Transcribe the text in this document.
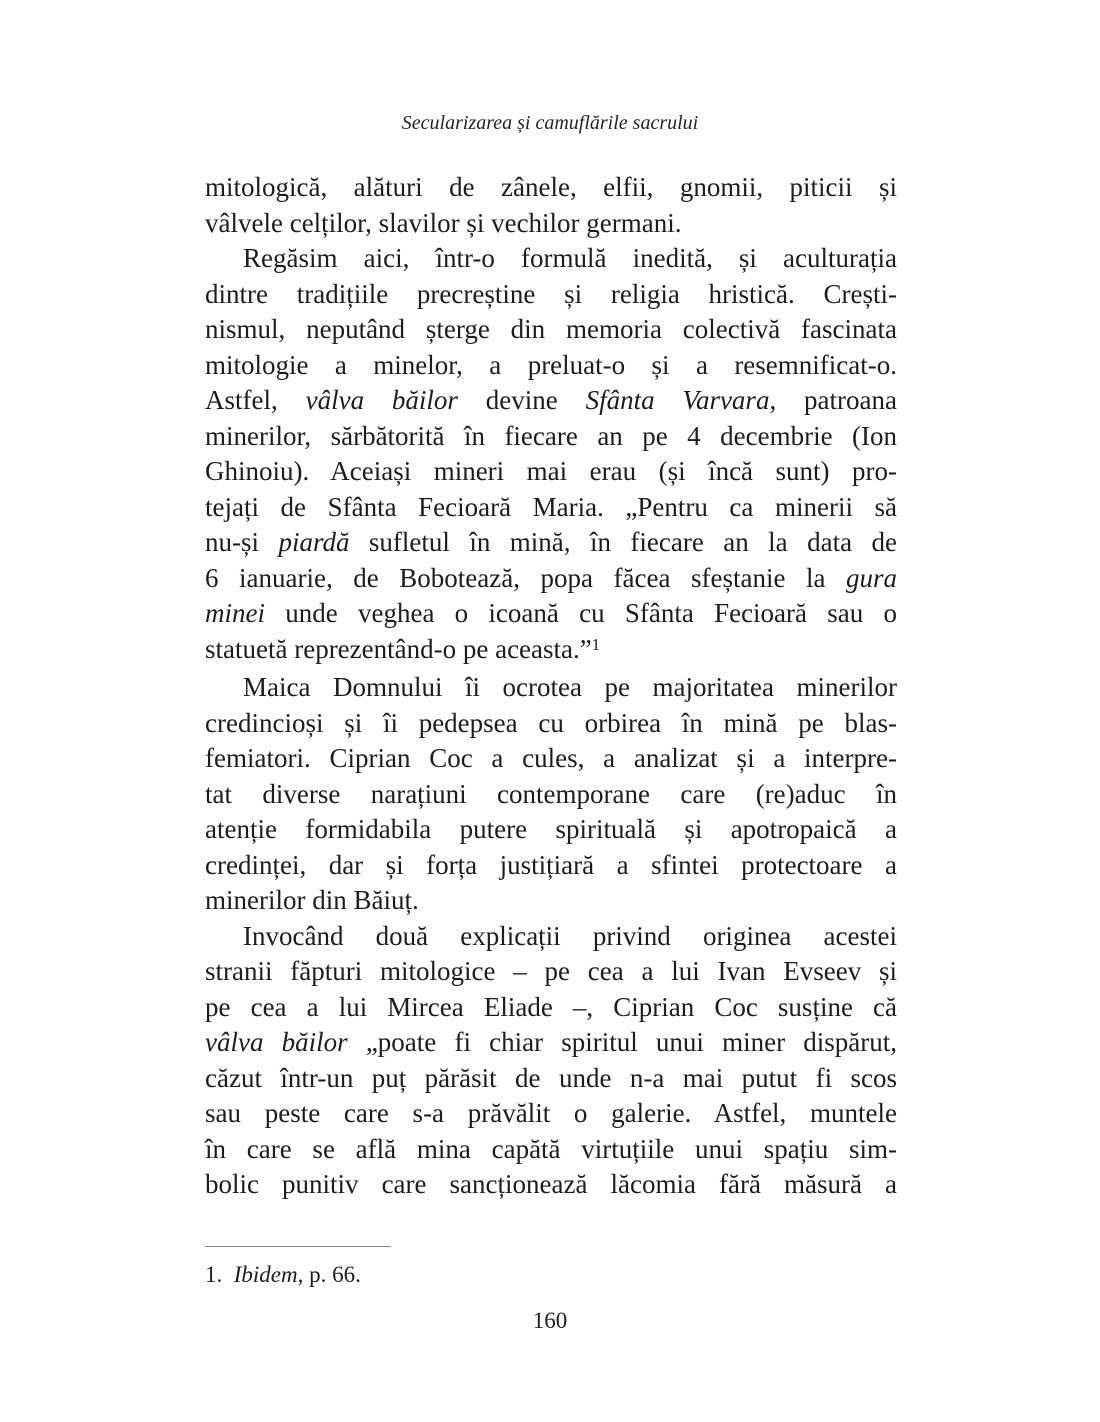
Secularizarea și camuflările sacrului
mitologică, alături de zânele, elfii, gnomii, piticii și
vâlvele celților, slavilor și vechilor germani.
Regăsim aici, într-o formulă inedită, și aculturația
dintre tradițiile precreștine și religia hristică. Crești-
nismul, neputând șterge din memoria colectivă fascinata
mitologie a minelor, a preluat-o și a resemnificat-o.
Astfel, vâlva băilor devine Sfânta Varvara, patroana
minerilor, sărbătorită în fiecare an pe 4 decembrie (Ion
Ghinoiu). Aceiași mineri mai erau (și încă sunt) pro-
tejați de Sfânta Fecioară Maria. „Pentru ca minerii să
nu-și piardă sufletul în mină, în fiecare an la data de
6 ianuarie, de Bobotează, popa făcea sfeștanie la gura
minei unde veghea o icoană cu Sfânta Fecioară sau o
statuetă reprezentând-o pe aceasta.”$^1$
Maica Domnului îi ocrotea pe majoritatea minerilor
credincioși și îi pedepsea cu orbirea în mină pe blas-
femiatori. Ciprian Coc a cules, a analizat și a interpre-
tat diverse narațiuni contemporane care (re)aduc în
atenție formidabila putere spirituală și apotropaică a
credinței, dar și forța justițiară a sfintei protectoare a
minerilor din Băiuț.
Invocând două explicații privind originea acestei
stranii făpturi mitologice – pe cea a lui Ivan Evseev și
pe cea a lui Mircea Eliade –, Ciprian Coc susține că
vâlva băilor „poate fi chiar spiritul unui miner dispărut,
căzut într-un puț părăsit de unde n-a mai putut fi scos
sau peste care s-a prăvălit o galerie. Astfel, muntele
în care se află mina capătă virtuțiile unui spațiu sim-
bolic punitiv care sancționează lăcomia fără măsură a
1.  Ibidem, p. 66.
160
